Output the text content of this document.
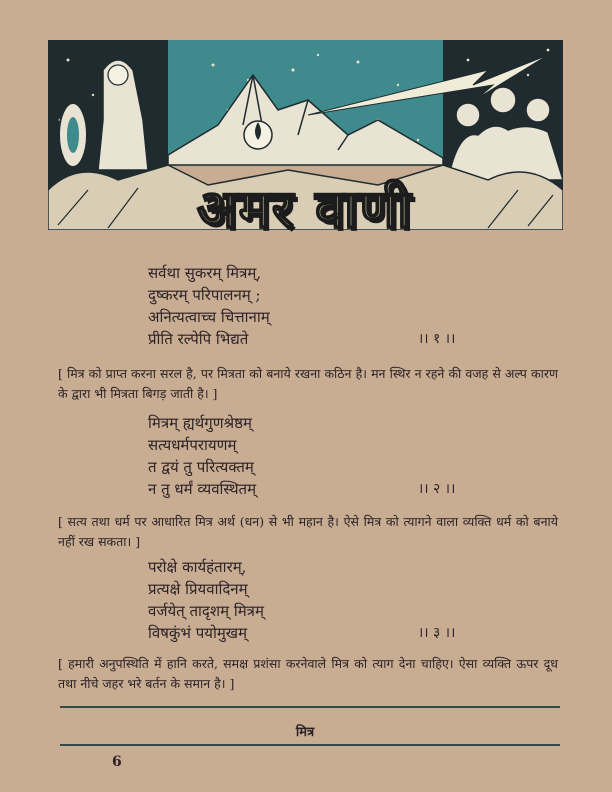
अमर वाणी
सर्वथा सुकरम् मित्रम्,
दुष्करम् परिपालनम् ;
अनित्यत्वाच्च चित्तानाम्
प्रीति रल्पेपि भिद्यते	।। १ ।।
[ मित्र को प्राप्त करना सरल है, पर मित्रता को बनाये रखना कठिन है। मन स्थिर न रहने की वजह से अल्प कारण के द्वारा भी मित्रता बिगड़ जाती है। ]
मित्रम् ह्यर्थगुणश्रेष्ठम्
सत्यधर्मपरायणम्
त द्वयं तु परित्यक्तम्
न तु धर्मं व्यवस्थितम्	।। २ ।।
[ सत्य तथा धर्म पर आधारित मित्र अर्थ (धन) से भी महान है। ऐसे मित्र को त्यागने वाला व्यक्ति धर्म को बनाये नहीं रख सकता। ]
परोक्षे कार्यहंतारम्,
प्रत्यक्षे प्रियवादिनम्
वर्जयेत् तादृशम् मित्रम्
विषकुंभं पयोमुखम्	।। ३ ।।
[ हमारी अनुपस्थिति में हानि करते, समक्ष प्रशंसा करनेवाले मित्र को त्याग देना चाहिए। ऐसा व्यक्ति ऊपर दूध तथा नीचे जहर भरे बर्तन के समान है। ]
मित्र
6
